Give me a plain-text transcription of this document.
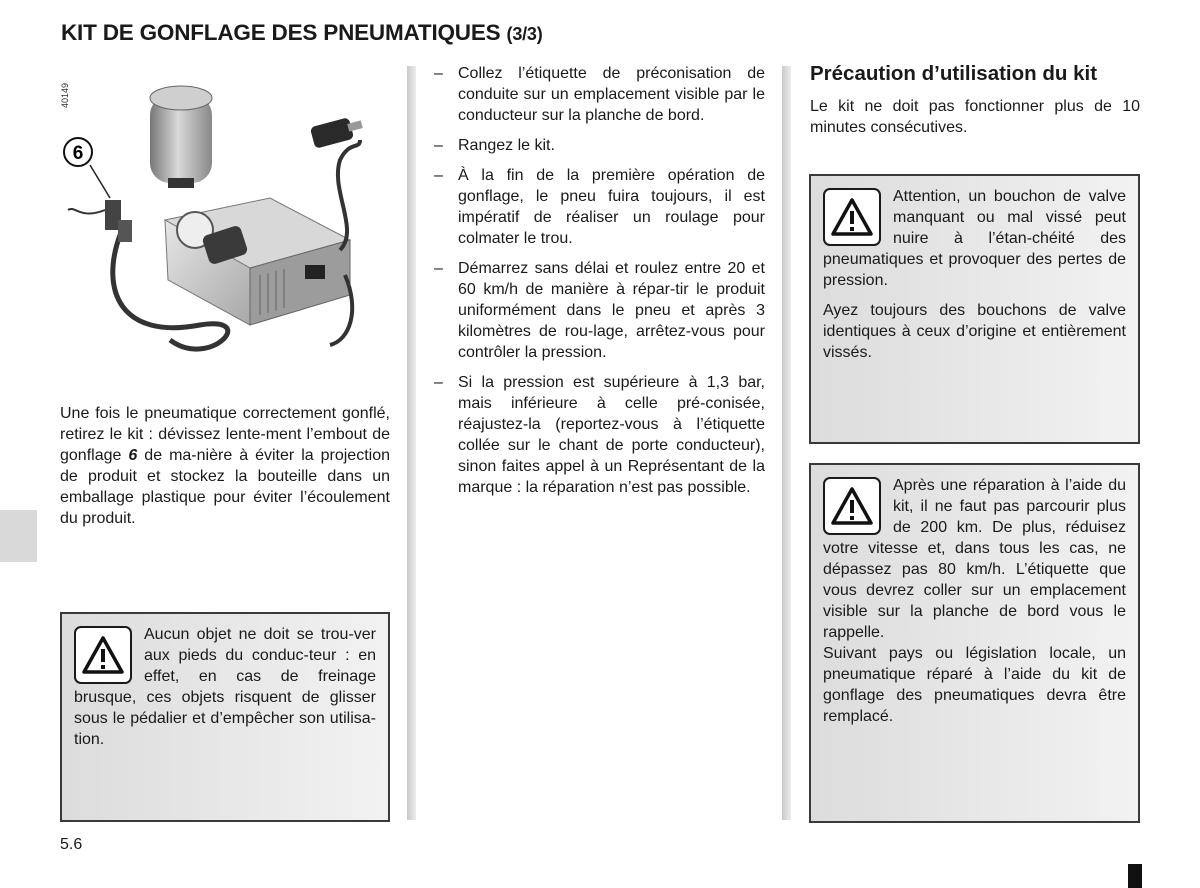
KIT DE GONFLAGE DES PNEUMATIQUES (3/3)
40149
6

Une fois le pneumatique correctement gonflé, retirez le kit : dévissez lente-ment l’embout de gonflage 6 de ma-nière à éviter la projection de produit et stockez la bouteille dans un emballage plastique pour éviter l’écoulement du produit.

Aucun objet ne doit se trou-ver aux pieds du conduc-teur : en effet, en cas de freinage brusque, ces objets risquent de glisser sous le pédalier et d’empêcher son utilisa-tion.

– Collez l’étiquette de préconisation de conduite sur un emplacement visible par le conducteur sur la planche de bord.
– Rangez le kit.
– À la fin de la première opération de gonflage, le pneu fuira toujours, il est impératif de réaliser un roulage pour colmater le trou.
– Démarrez sans délai et roulez entre 20 et 60 km/h de manière à répar-tir le produit uniformément dans le pneu et après 3 kilomètres de rou-lage, arrêtez-vous pour contrôler la pression.
– Si la pression est supérieure à 1,3 bar, mais inférieure à celle pré-conisée, réajustez-la (reportez-vous à l’étiquette collée sur le chant de porte conducteur), sinon faites appel à un Représentant de la marque : la réparation n’est pas possible.
Précaution d’utilisation du kit

Le kit ne doit pas fonctionner plus de 10 minutes consécutives.

Attention, un bouchon de valve manquant ou mal vissé peut nuire à l’étan-chéité des pneumatiques et provoquer des pertes de pression.

Ayez toujours des bouchons de valve identiques à ceux d’origine et entièrement vissés.

Après une réparation à l’aide du kit, il ne faut pas parcourir plus de 200 km. De plus, réduisez votre vitesse et, dans tous les cas, ne dépassez pas 80 km/h. L’étiquette que vous devrez coller sur un emplacement visible sur la planche de bord vous le rappelle.

Suivant pays ou législation locale, un pneumatique réparé à l’aide du kit de gonflage des pneumatiques devra être remplacé.

5.6
